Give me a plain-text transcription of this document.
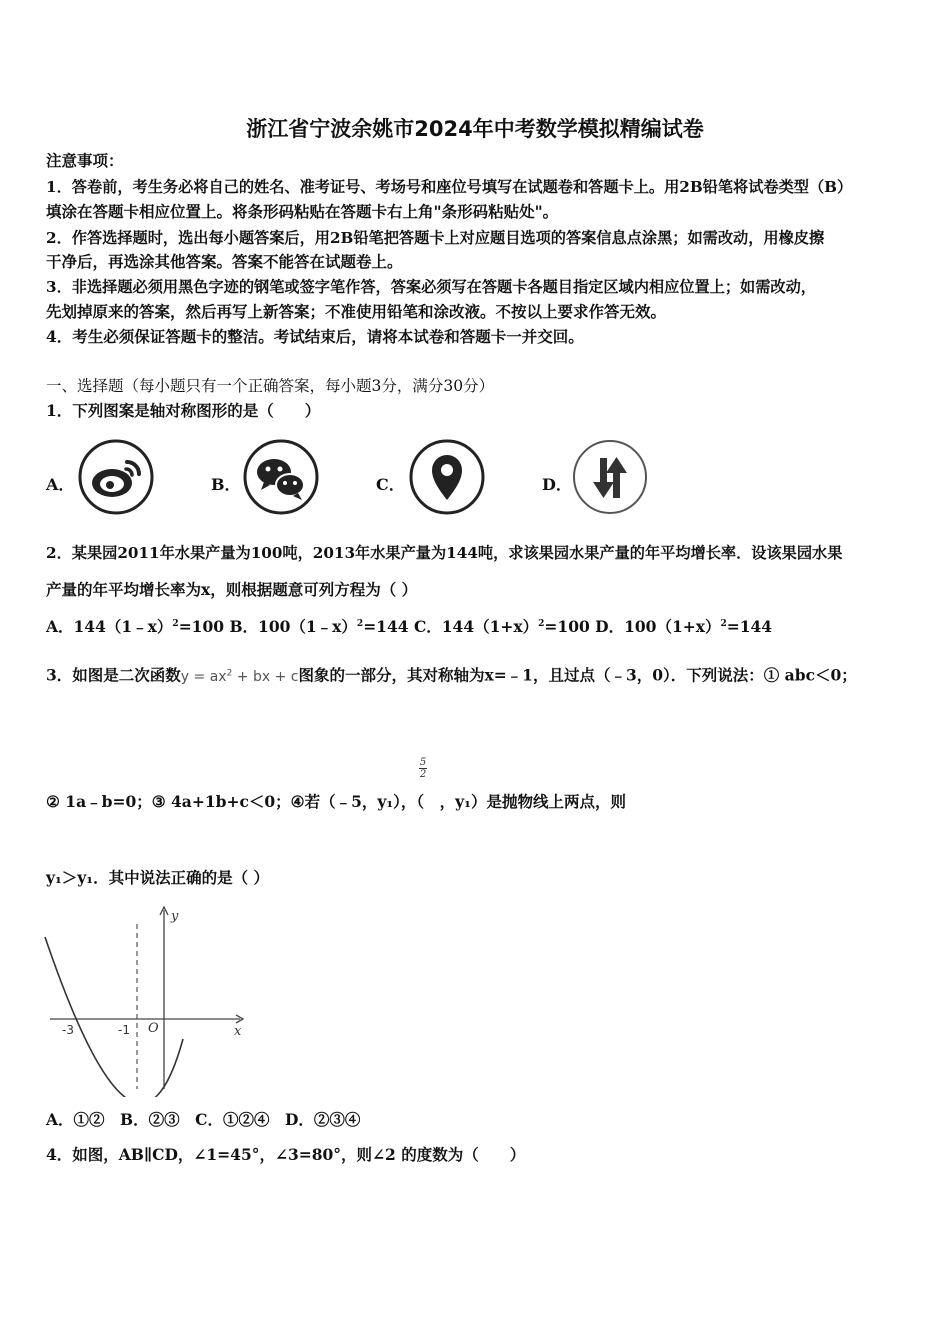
浙江省宁波余姚市2024年中考数学模拟精编试卷
注意事项：
1．答卷前，考生务必将自己的姓名、准考证号、考场号和座位号填写在试题卷和答题卡上。用2B铅笔将试卷类型（B）
填涂在答题卡相应位置上。将条形码粘贴在答题卡右上角"条形码粘贴处"。
2．作答选择题时，选出每小题答案后，用2B铅笔把答题卡上对应题目选项的答案信息点涂黑；如需改动，用橡皮擦
干净后，再选涂其他答案。答案不能答在试题卷上。
3．非选择题必须用黑色字迹的钢笔或签字笔作答，答案必须写在答题卡各题目指定区域内相应位置上；如需改动，
先划掉原来的答案，然后再写上新答案；不准使用铅笔和涂改液。不按以上要求作答无效。
4．考生必须保证答题卡的整洁。考试结束后，请将本试卷和答题卡一并交回。
一、选择题（每小题只有一个正确答案，每小题3分，满分30分）
1．下列图案是轴对称图形的是（　　）
A．	B．	C．	D．
2．某果园2011年水果产量为100吨，2013年水果产量为144吨，求该果园水果产量的年平均增长率．设该果园水果
产量的年平均增长率为x，则根据题意可列方程为（ ）
A．144（1﹣x）$^2$=100 B．100（1﹣x）$^2$=144 C．$144(1+x)^2=100$ D．$100(1+x)^2=144$
3．如图是二次函数$y = ax^2$ + bx + c图象的一部分，其对称轴为x=﹣1，且过点（﹣3，0）．下列说法：① abc＜0；
5
2
② 1a﹣b=0；③ 4a+1b+c＜0；④若（﹣5，y₁），（　，y₁）是抛物线上两点，则
y₁＞y₁．其中说法正确的是（ ）
y
x
O
-3	-1
A．①②　B．②③　C．①②④　D．②③④
4．如图，AB∥CD，∠1=45°，∠3=80°，则∠2 的度数为（　　）
